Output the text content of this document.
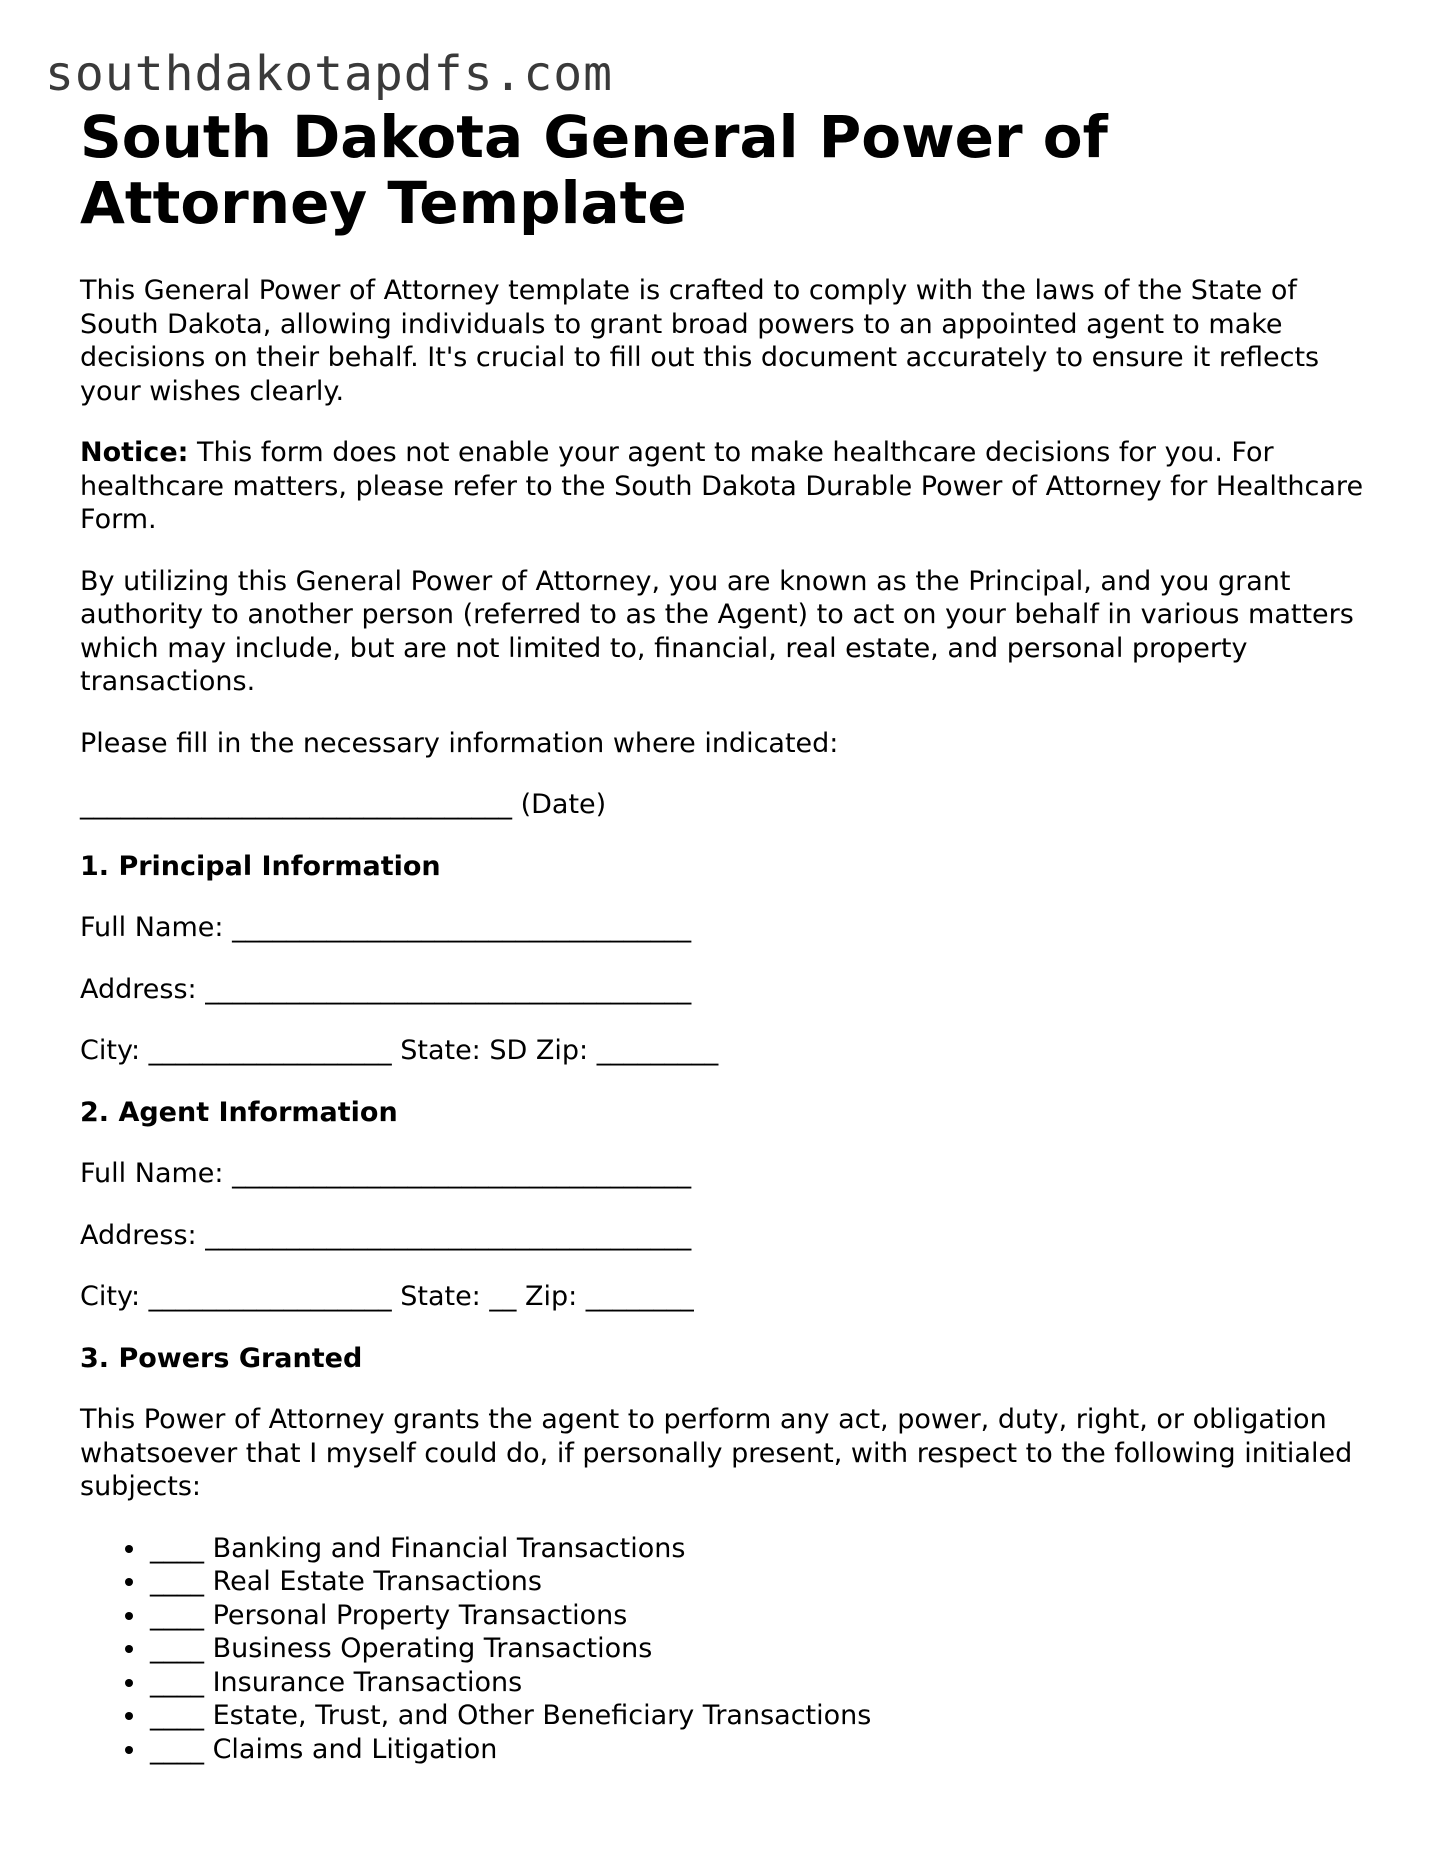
southdakotapdfs.com
South Dakota General Power of Attorney Template

This General Power of Attorney template is crafted to comply with the laws of the State of South Dakota, allowing individuals to grant broad powers to an appointed agent to make decisions on their behalf. It's crucial to fill out this document accurately to ensure it reflects your wishes clearly.

Notice: This form does not enable your agent to make healthcare decisions for you. For healthcare matters, please refer to the South Dakota Durable Power of Attorney for Healthcare Form.

By utilizing this General Power of Attorney, you are known as the Principal, and you grant authority to another person (referred to as the Agent) to act on your behalf in various matters which may include, but are not limited to, financial, real estate, and personal property transactions.

Please fill in the necessary information where indicated:

________________________________ (Date)
1. Principal Information
Full Name: __________________________________
Address: ____________________________________
City: __________________ State: SD Zip: _________
2. Agent Information
Full Name: __________________________________
Address: ____________________________________
City: __________________ State: __ Zip: ________
3. Powers Granted

This Power of Attorney grants the agent to perform any act, power, duty, right, or obligation whatsoever that I myself could do, if personally present, with respect to the following initialed subjects:

• ____ Banking and Financial Transactions
• ____ Real Estate Transactions
• ____ Personal Property Transactions
• ____ Business Operating Transactions
• ____ Insurance Transactions
• ____ Estate, Trust, and Other Beneficiary Transactions
• ____ Claims and Litigation
